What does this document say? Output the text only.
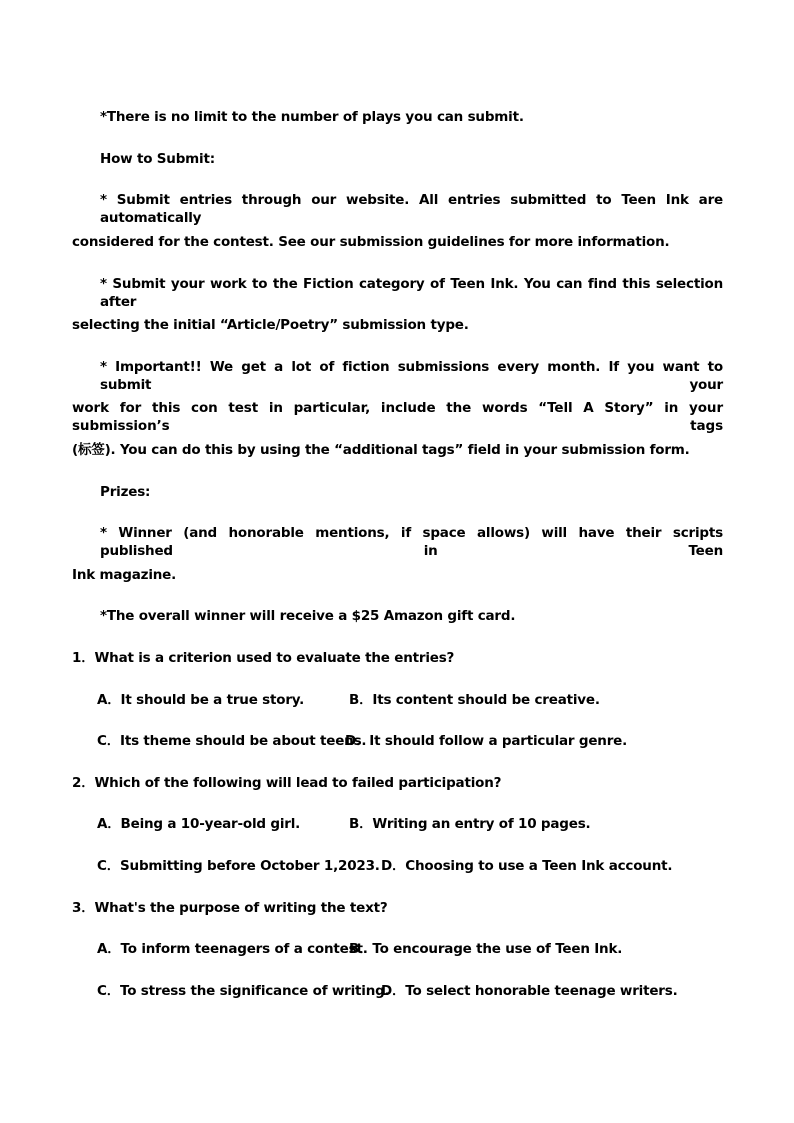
*There is no limit to the number of plays you can submit.
How to Submit:
* Submit entries through our website. All entries submitted to Teen Ink are automatically
considered for the contest. See our submission guidelines for more information.
* Submit your work to the Fiction category of Teen Ink. You can find this selection after
selecting the initial “Article/Poetry” submission type.
* Important!! We get a lot of fiction submissions every month. If you want to submit your
work for this con test in particular, include the words “Tell A Story” in your submission’s tags
(标签). You can do this by using the “additional tags” field in your submission form.
Prizes:
* Winner (and honorable mentions, if space allows) will have their scripts published in Teen
Ink magazine.
*The overall winner will receive a $25 Amazon gift card.
1．What is a criterion used to evaluate the entries?
A．It should be a true story.	B．Its content should be creative.
C．Its theme should be about teens.
D．It should follow a particular genre.
2．Which of the following will lead to failed participation?
A．Being a 10-year-old girl.	B．Writing an entry of 10 pages.
C．Submitting before October 1,2023. D．Choosing to use a Teen Ink account.
3．What's the purpose of writing the text?
A．To inform teenagers of a contest.
B．To encourage the use of Teen Ink.
C．To stress the significance of writing.
D．To select honorable teenage writers.
